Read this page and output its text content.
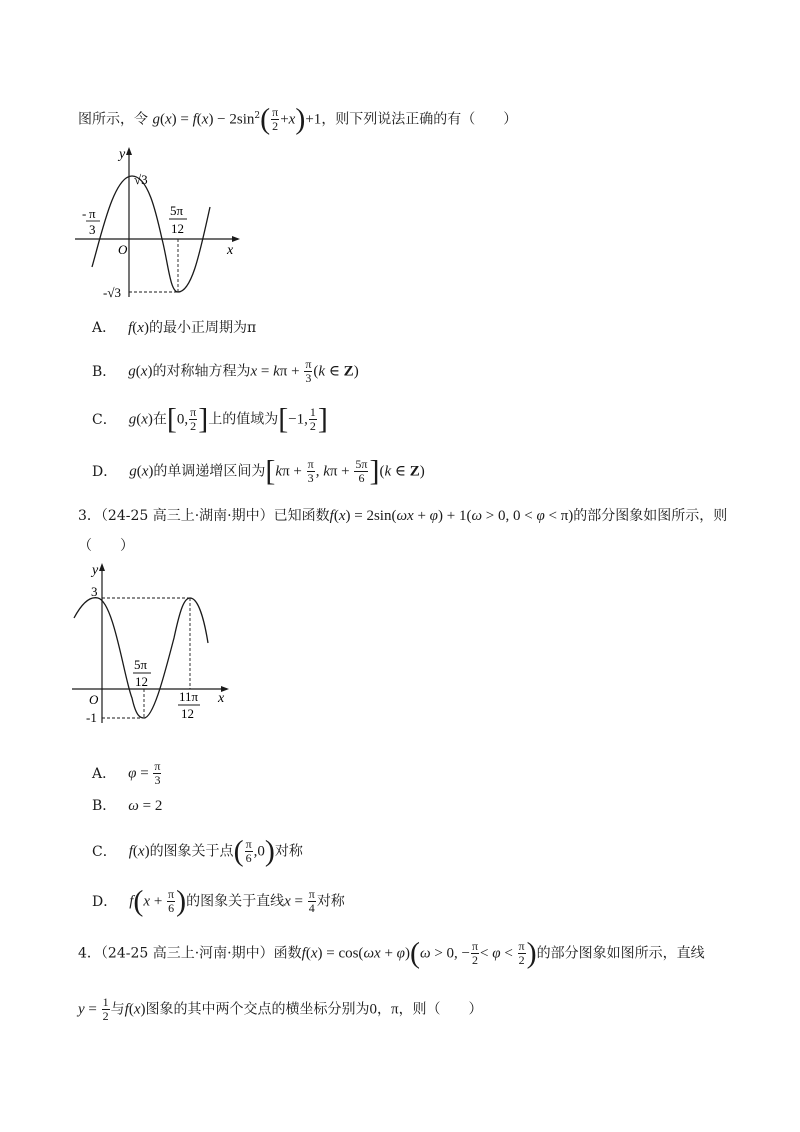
图所示，令 $g(x) = f(x) - 2\sin^2( \frac{\pi}{2} +x)+1$，则下列说法正确的有（　　）
y
x
O
√3
-√3
- π
3
5π
12
A． f(x)的最小正周期为π
B． g(x)的对称轴方程为$x = k\pi + \frac{\pi}{3} (k$ ∈ Z)
C． g(x)在[0, $\frac{\pi}{2}$ ]上的值域为[−1, $\frac{1}{2}$ ]
D． g(x)的单调递增区间为[$k\pi + \frac{\pi}{3}$ , $k\pi + \frac{5\pi}{6} ](k$ ∈ Z)
3．（24-25 高三上·湖南·期中）已知函数f(x) = 2sin(ωx + φ) + 1(ω > 0, 0 < φ < π)的部分图象如图所示，则
（　　）
y
x
O
3
-1
5π
12
11π
12
A． $\varphi = \frac{\pi}{3}$
B． ω = 2
C． f(x)的图象关于点( $\frac{\pi}{6} ,0$)对称
D． $f(x + \frac{\pi}{6}$ )的图象关于直线$x = \frac{\pi}{4}$ 对称
4．（24-25 高三上·河南·期中）函数f(x) = cos(ωx + φ)(ω > 0, − $\frac{\pi}{2} < \varphi < \frac{\pi}{2}$ )的部分图象如图所示，直线
$y = \frac{1}{2}$ 与f(x)图象的其中两个交点的横坐标分别为0，π，则（　　）
